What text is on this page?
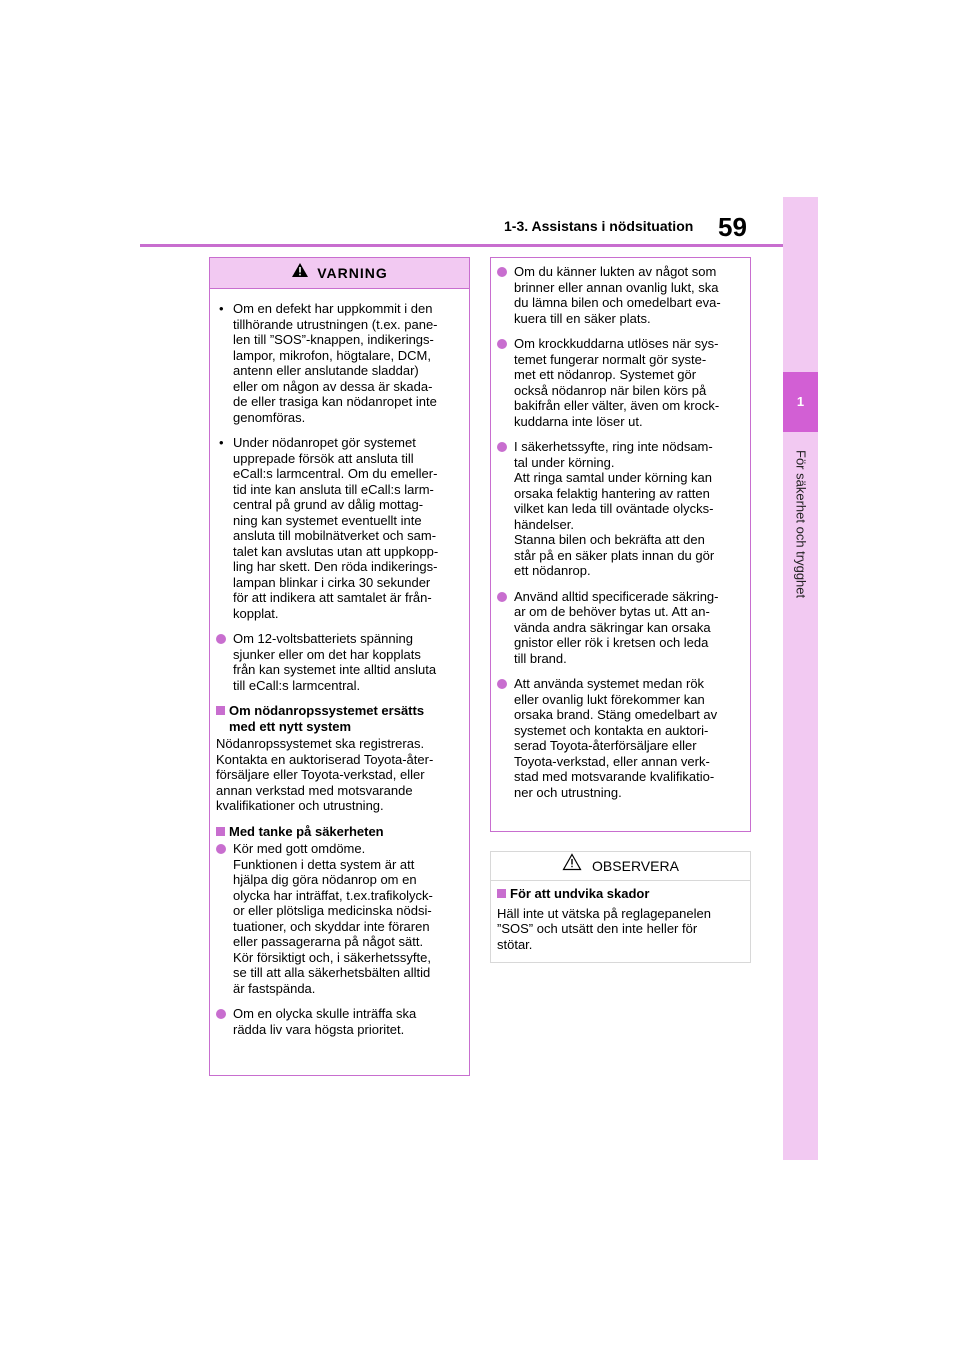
1-3. Assistans i nödsituation 59
1
För säkerhet och trygghet
VARNING
• Om en defekt har uppkommit i den
tillhörande utrustningen (t.ex. pane-
len till ”SOS”-knappen, indikerings-
lampor, mikrofon, högtalare, DCM,
antenn eller anslutande sladdar)
eller om någon av dessa är skada-
de eller trasiga kan nödanropet inte
genomföras.
• Under nödanropet gör systemet
upprepade försök att ansluta till
eCall:s larmcentral. Om du emeller-
tid inte kan ansluta till eCall:s larm-
central på grund av dålig mottag-
ning kan systemet eventuellt inte
ansluta till mobilnätverket och sam-
talet kan avslutas utan att uppkopp-
ling har skett. Den röda indikerings-
lampan blinkar i cirka 30 sekunder
för att indikera att samtalet är från-
kopplat.
Om 12-voltsbatteriets spänning
sjunker eller om det har kopplats
från kan systemet inte alltid ansluta
till eCall:s larmcentral.
Om nödanropssystemet ersätts
med ett nytt system
Nödanropssystemet ska registreras.
Kontakta en auktoriserad Toyota-åter-
försäljare eller Toyota-verkstad, eller
annan verkstad med motsvarande
kvalifikationer och utrustning.
Med tanke på säkerheten
Kör med gott omdöme.
Funktionen i detta system är att
hjälpa dig göra nödanrop om en
olycka har inträffat, t.ex.trafikolyck-
or eller plötsliga medicinska nödsi-
tuationer, och skyddar inte föraren
eller passagerarna på något sätt.
Kör försiktigt och, i säkerhetssyfte,
se till att alla säkerhetsbälten alltid
är fastspända.
Om en olycka skulle inträffa ska
rädda liv vara högsta prioritet.
Om du känner lukten av något som
brinner eller annan ovanlig lukt, ska
du lämna bilen och omedelbart eva-
kuera till en säker plats.
Om krockkuddarna utlöses när sys-
temet fungerar normalt gör syste-
met ett nödanrop. Systemet gör
också nödanrop när bilen körs på
bakifrån eller välter, även om krock-
kuddarna inte löser ut.
I säkerhetssyfte, ring inte nödsam-
tal under körning.
Att ringa samtal under körning kan
orsaka felaktig hantering av ratten
vilket kan leda till oväntade olycks-
händelser.
Stanna bilen och bekräfta att den
står på en säker plats innan du gör
ett nödanrop.
Använd alltid specificerade säkring-
ar om de behöver bytas ut. Att an-
vända andra säkringar kan orsaka
gnistor eller rök i kretsen och leda
till brand.
Att använda systemet medan rök
eller ovanlig lukt förekommer kan
orsaka brand. Stäng omedelbart av
systemet och kontakta en auktori-
serad Toyota-återförsäljare eller
Toyota-verkstad, eller annan verk-
stad med motsvarande kvalifikatio-
ner och utrustning.
OBSERVERA
För att undvika skador
Häll inte ut vätska på reglagepanelen
”SOS” och utsätt den inte heller för
stötar.
